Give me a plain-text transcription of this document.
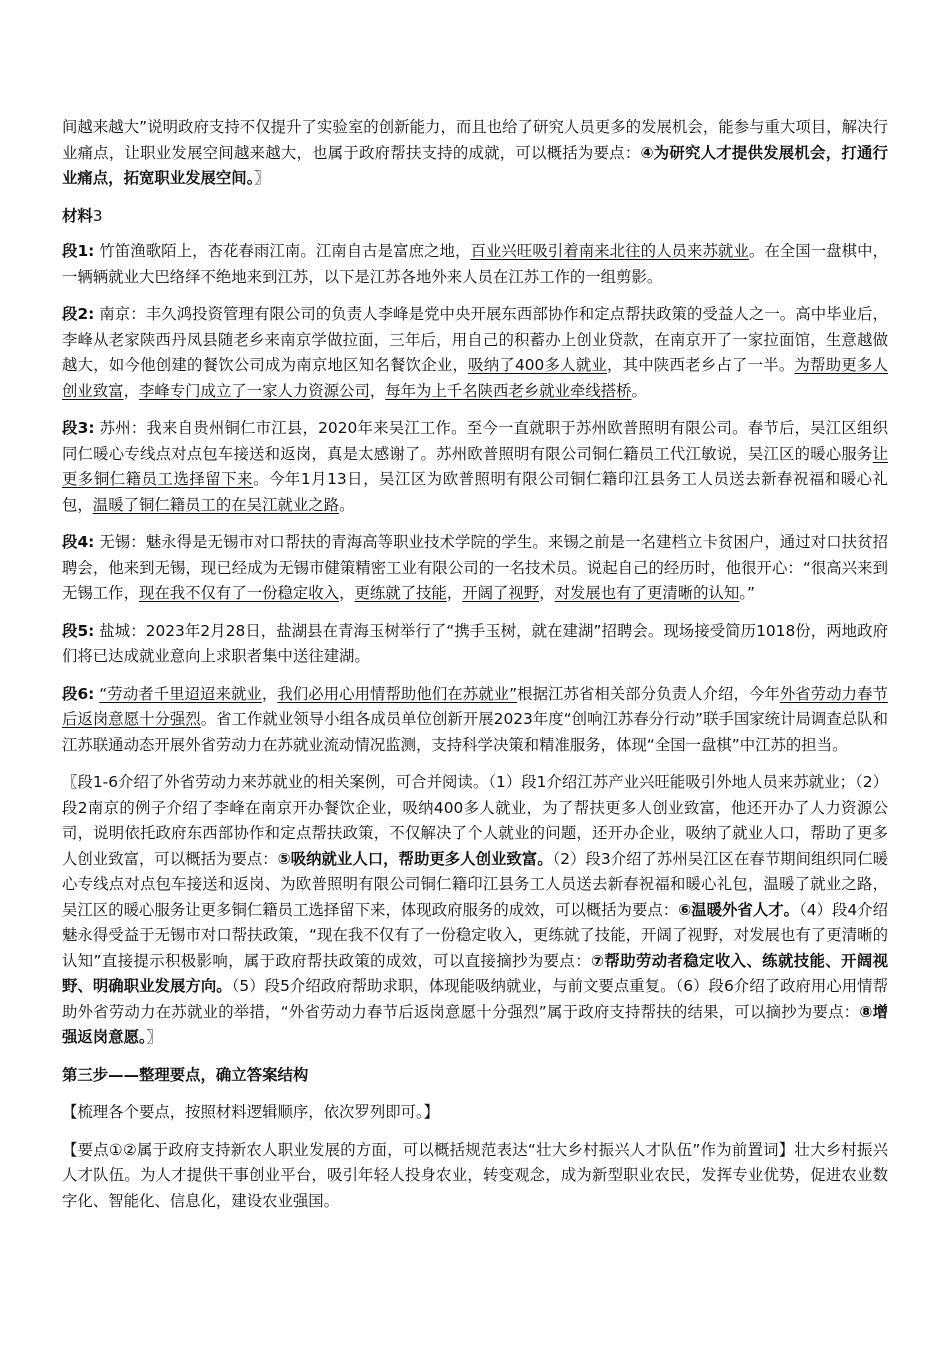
间越来越大”说明政府支持不仅提升了实验室的创新能力，而且也给了研究人员更多的发展机会，能参与重大项目，解决行业痛点，让职业发展空间越来越大，也属于政府帮扶支持的成就，可以概括为要点：④为研究人才提供发展机会，打通行业痛点，拓宽职业发展空间。〗

材料3

段1: 竹笛渔歌陌上，杏花春雨江南。江南自古是富庶之地，百业兴旺吸引着南来北往的人员来苏就业。在全国一盘棋中，一辆辆就业大巴络绎不绝地来到江苏，以下是江苏各地外来人员在江苏工作的一组剪影。

段2: 南京：丰久鸿投资管理有限公司的负责人李峰是党中央开展东西部协作和定点帮扶政策的受益人之一。高中毕业后，李峰从老家陕西丹凤县随老乡来南京学做拉面，三年后，用自己的积蓄办上创业贷款，在南京开了一家拉面馆，生意越做越大，如今他创建的餐饮公司成为南京地区知名餐饮企业，吸纳了400多人就业，其中陕西老乡占了一半。为帮助更多人创业致富，李峰专门成立了一家人力资源公司，每年为上千名陕西老乡就业牵线搭桥。

段3: 苏州：我来自贵州铜仁市江县，2020年来吴江工作。至今一直就职于苏州欧普照明有限公司。春节后，吴江区组织同仁暖心专线点对点包车接送和返岗，真是太感谢了。苏州欧普照明有限公司铜仁籍员工代江敏说，吴江区的暖心服务让更多铜仁籍员工选择留下来。今年1月13日，吴江区为欧普照明有限公司铜仁籍印江县务工人员送去新春祝福和暖心礼包，温暖了铜仁籍员工的在吴江就业之路。

段4: 无锡：魅永得是无锡市对口帮扶的青海高等职业技术学院的学生。来锡之前是一名建档立卡贫困户，通过对口扶贫招聘会，他来到无锡，现已经成为无锡市健策精密工业有限公司的一名技术员。说起自己的经历时，他很开心：“很高兴来到无锡工作，现在我不仅有了一份稳定收入，更练就了技能，开阔了视野，对发展也有了更清晰的认知。”

段5: 盐城：2023年2月28日，盐湖县在青海玉树举行了“携手玉树，就在建湖”招聘会。现场接受简历1018份，两地政府们将已达成就业意向上求职者集中送往建湖。

段6: “劳动者千里迢迢来就业，我们必用心用情帮助他们在苏就业”根据江苏省相关部分负责人介绍，今年外省劳动力春节后返岗意愿十分强烈。省工作就业领导小组各成员单位创新开展2023年度“创响江苏春分行动”联手国家统计局调查总队和江苏联通动态开展外省劳动力在苏就业流动情况监测，支持科学决策和精准服务，体现“全国一盘棋”中江苏的担当。

〖段1-6介绍了外省劳动力来苏就业的相关案例，可合并阅读。（1）段1介绍江苏产业兴旺能吸引外地人员来苏就业；（2）段2南京的例子介绍了李峰在南京开办餐饮企业，吸纳400多人就业，为了帮扶更多人创业致富，他还开办了人力资源公司，说明依托政府东西部协作和定点帮扶政策，不仅解决了个人就业的问题，还开办企业，吸纳了就业人口，帮助了更多人创业致富，可以概括为要点：⑤吸纳就业人口，帮助更多人创业致富。（2）段3介绍了苏州吴江区在春节期间组织同仁暖心专线点对点包车接送和返岗、为欧普照明有限公司铜仁籍印江县务工人员送去新春祝福和暖心礼包，温暖了就业之路，吴江区的暖心服务让更多铜仁籍员工选择留下来，体现政府服务的成效，可以概括为要点：⑥温暖外省人才。（4）段4介绍魅永得受益于无锡市对口帮扶政策，“现在我不仅有了一份稳定收入，更练就了技能，开阔了视野，对发展也有了更清晰的认知”直接提示积极影响，属于政府帮扶政策的成效，可以直接摘抄为要点：⑦帮助劳动者稳定收入、练就技能、开阔视野、明确职业发展方向。（5）段5介绍政府帮助求职，体现能吸纳就业，与前文要点重复。（6）段6介绍了政府用心用情帮助外省劳动力在苏就业的举措，“外省劳动力春节后返岗意愿十分强烈”属于政府支持帮扶的结果，可以摘抄为要点：⑧增强返岗意愿。〗

第三步——整理要点，确立答案结构

【梳理各个要点，按照材料逻辑顺序，依次罗列即可。】

【要点①②属于政府支持新农人职业发展的方面，可以概括规范表达“壮大乡村振兴人才队伍”作为前置词】壮大乡村振兴人才队伍。为人才提供干事创业平台，吸引年轻人投身农业，转变观念，成为新型职业农民，发挥专业优势，促进农业数字化、智能化、信息化，建设农业强国。
